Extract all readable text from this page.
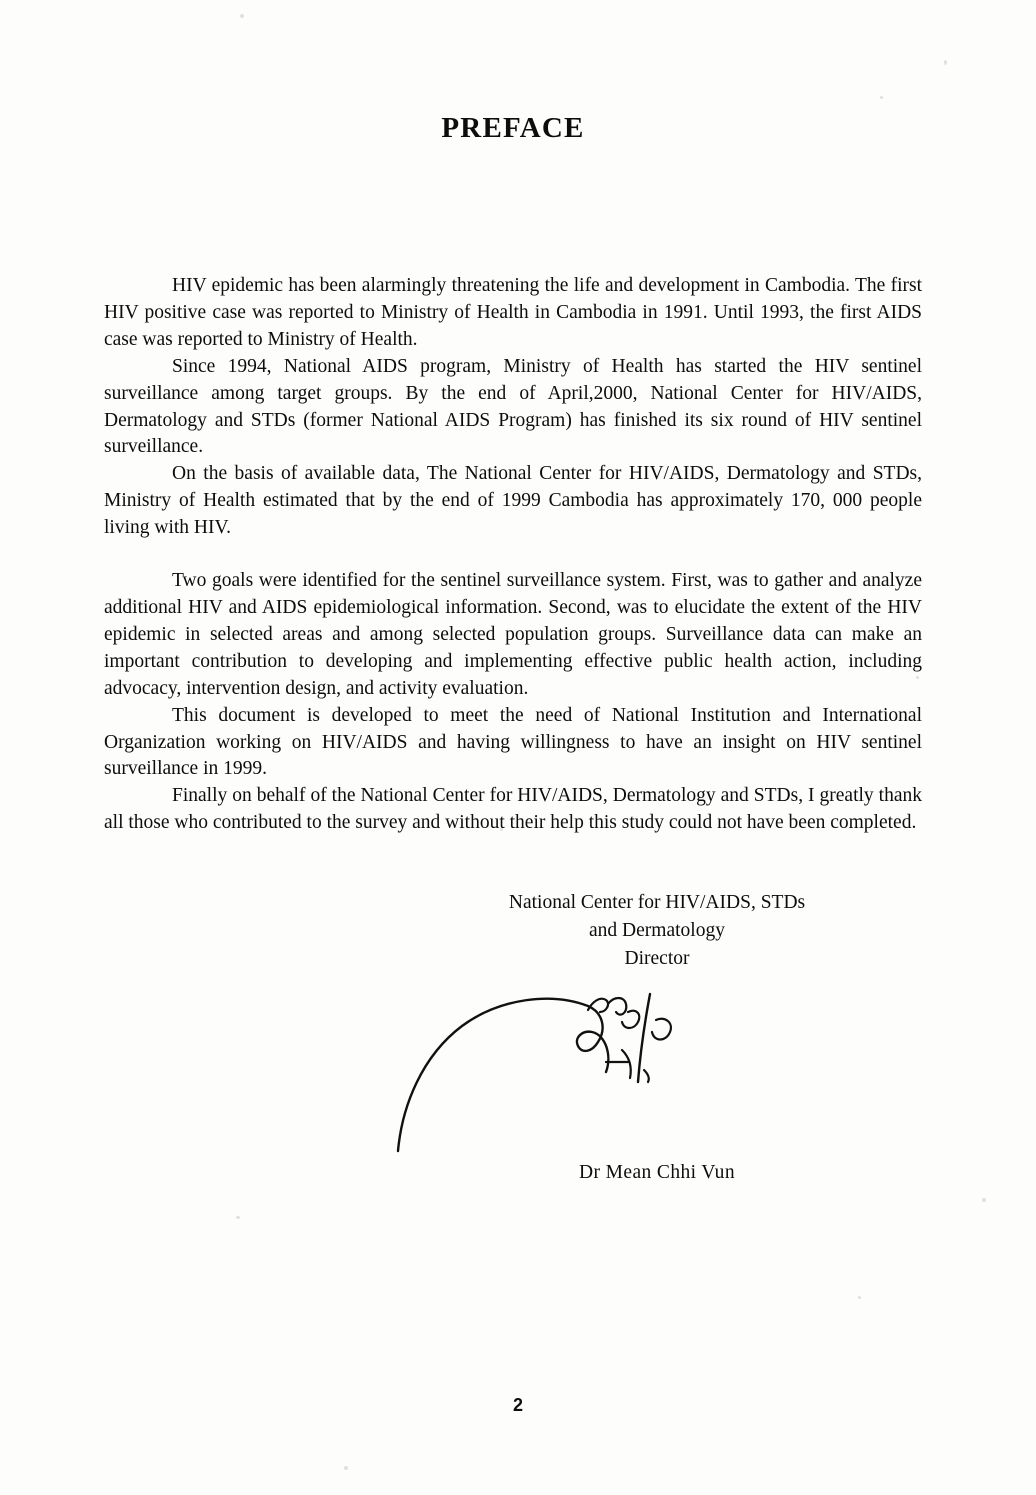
PREFACE

HIV epidemic has been alarmingly threatening the life and development in Cambodia. The first HIV positive case was reported to Ministry of Health in Cambodia in 1991. Until 1993, the first AIDS case was reported to Ministry of Health.

Since 1994, National AIDS program, Ministry of Health has started the HIV sentinel surveillance among target groups. By the end of April,2000, National Center for HIV/AIDS, Dermatology and STDs (former National AIDS Program) has finished its six round of HIV sentinel surveillance.

On the basis of available data, The National Center for HIV/AIDS, Dermatology and STDs, Ministry of Health estimated that by the end of 1999 Cambodia has approximately 170, 000 people living with HIV.

Two goals were identified for the sentinel surveillance system. First, was to gather and analyze additional HIV and AIDS epidemiological information. Second, was to elucidate the extent of the HIV epidemic in selected areas and among selected population groups. Surveillance data can make an important contribution to developing and implementing effective public health action, including advocacy, intervention design, and activity evaluation.

This document is developed to meet the need of National Institution and International Organization working on HIV/AIDS and having willingness to have an insight on HIV sentinel surveillance in 1999.

Finally on behalf of the National Center for HIV/AIDS, Dermatology and STDs, I greatly thank all those who contributed to the survey and without their help this study could not have been completed.

National Center for HIV/AIDS, STDs
and Dermatology
Director
Dr Mean Chhi Vun
2
